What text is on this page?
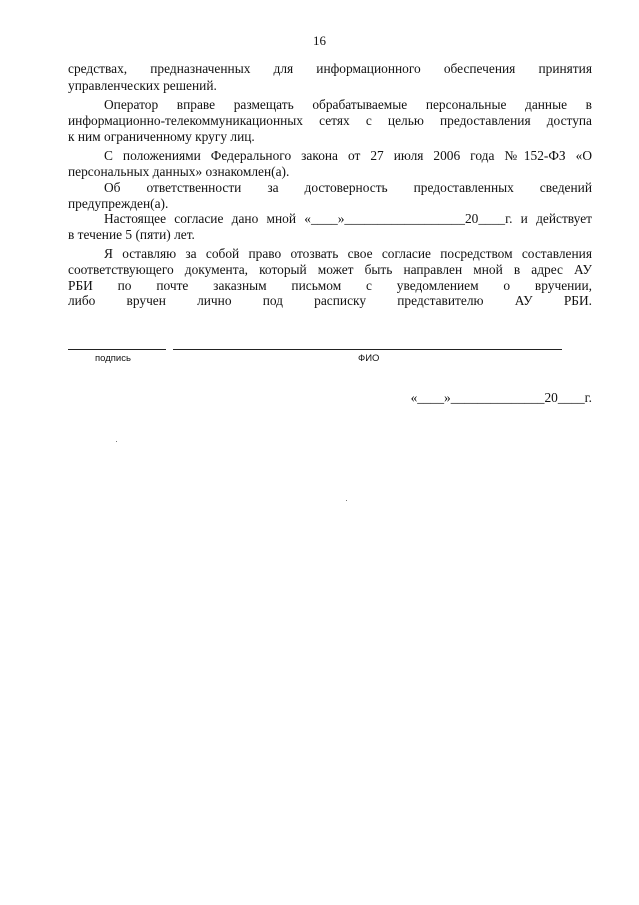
16
средствах, предназначенных для информационного обеспечения принятия
управленческих решений.
Оператор вправе размещать обрабатываемые персональные данные в
информационно-телекоммуникационных сетях с целью предоставления доступа
к ним ограниченному кругу лиц.
С положениями Федерального закона от 27 июля 2006 года №152-ФЗ «О
персональных данных» ознакомлен(а).
Об ответственности за достоверность предоставленных сведений
предупрежден(а).
Настоящее согласие дано мной «____»__________________20____г. и действует
в течение 5 (пяти) лет.
Я оставляю за собой право отозвать свое согласие посредством составления
соответствующего документа, который может быть направлен мной в адрес АУ
РБИ по почте заказным письмом с уведомлением о вручении,
либо вручен лично под расписку представителю АУ РБИ.
подпись	ФИО
«____»______________20____г.
